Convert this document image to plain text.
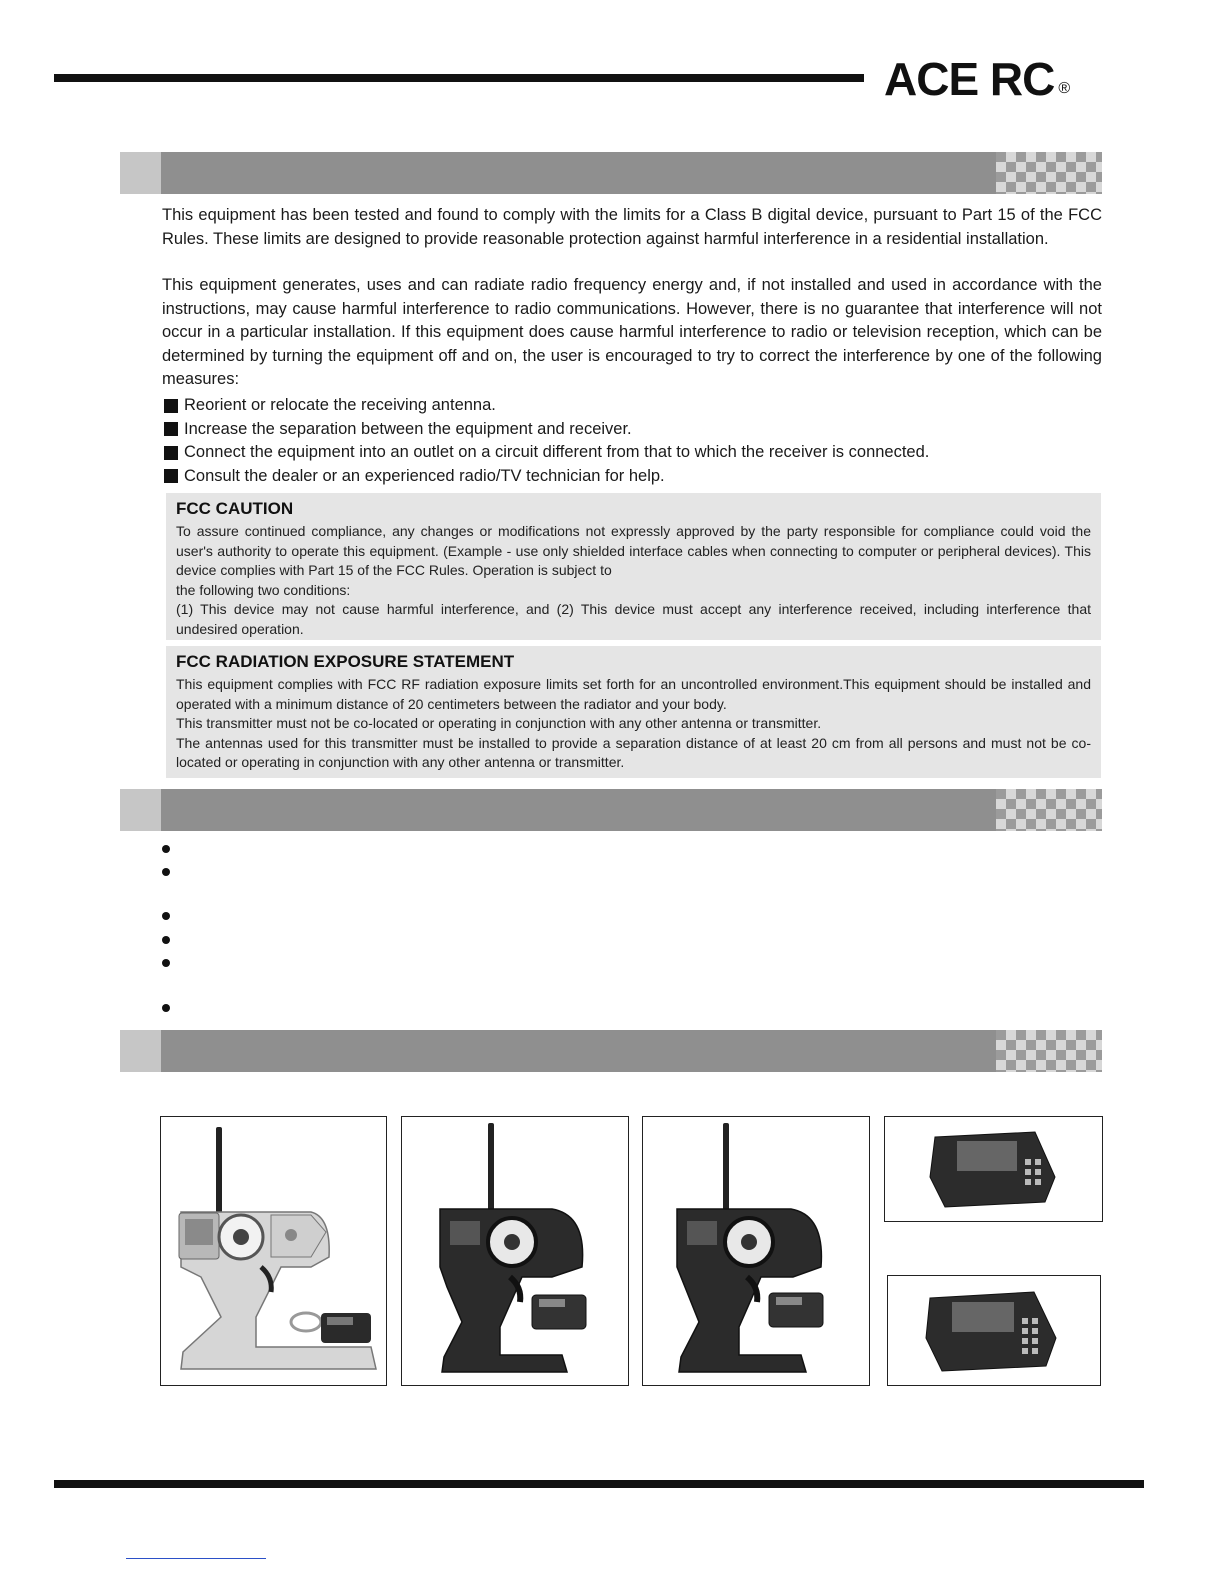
ACE RC ®
This equipment has been tested and found to comply with the limits for a Class B digital device, pursuant to Part 15 of the FCC Rules. These limits are designed to provide reasonable protection against harmful interference in a residential installation.
This equipment generates, uses and can radiate radio frequency energy and, if not installed and used in accordance with the instructions, may cause harmful interference to radio communications. However, there is no guarantee that interference will not occur in a particular installation. If this equipment does cause harmful interference to radio or television reception, which can be determined by turning the equipment off and on, the user is encouraged to try to correct the interference by one of the following measures:
Reorient or relocate the receiving antenna.
Increase the separation between the equipment and receiver.
Connect the equipment into an outlet on a circuit different from that to which the receiver is connected.
Consult the dealer or an experienced radio/TV technician for help.
FCC CAUTION

To assure continued compliance, any changes or modifications not expressly approved by the party responsible for compliance could void the user's authority to operate this equipment. (Example - use only shielded interface cables when connecting to computer or peripheral devices). This device complies with Part 15 of the FCC Rules. Operation is subject to

the following two conditions:

(1) This device may not cause harmful interference, and (2) This device must accept any interference received, including interference that undesired operation.

FCC RADIATION EXPOSURE STATEMENT

This equipment complies with FCC RF radiation exposure limits set forth for an uncontrolled environment.This equipment should be installed and operated with a minimum distance of 20 centimeters between the radiator and your body.

This transmitter must not be co-located or operating in conjunction with any other antenna or transmitter.

The antennas used for this transmitter must be installed to provide a separation distance of at least 20 cm from all persons and must not be co-located or operating in conjunction with any other antenna or transmitter.
